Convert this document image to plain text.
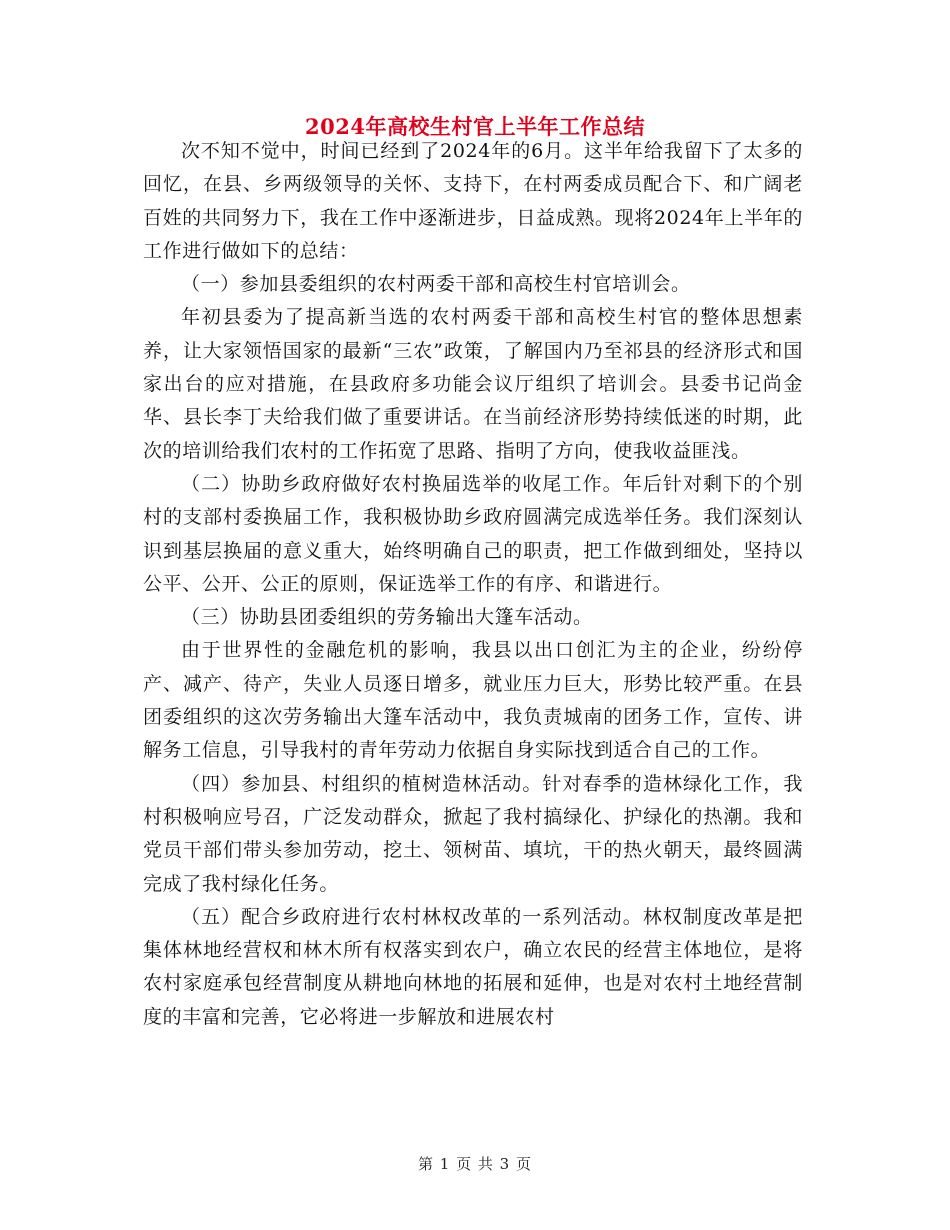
2024年高校生村官上半年工作总结

次不知不觉中，时间已经到了2024年的6月。这半年给我留下了太多的回忆，在县、乡两级领导的关怀、支持下，在村两委成员配合下、和广阔老百姓的共同努力下，我在工作中逐渐进步，日益成熟。现将2024年上半年的工作进行做如下的总结：

（一）参加县委组织的农村两委干部和高校生村官培训会。

年初县委为了提高新当选的农村两委干部和高校生村官的整体思想素养，让大家领悟国家的最新“三农”政策，了解国内乃至祁县的经济形式和国家出台的应对措施，在县政府多功能会议厅组织了培训会。县委书记尚金华、县长李丁夫给我们做了重要讲话。在当前经济形势持续低迷的时期，此次的培训给我们农村的工作拓宽了思路、指明了方向，使我收益匪浅。

（二）协助乡政府做好农村换届选举的收尾工作。年后针对剩下的个别村的支部村委换届工作，我积极协助乡政府圆满完成选举任务。我们深刻认识到基层换届的意义重大，始终明确自己的职责，把工作做到细处，坚持以公平、公开、公正的原则，保证选举工作的有序、和谐进行。

（三）协助县团委组织的劳务输出大篷车活动。

由于世界性的金融危机的影响，我县以出口创汇为主的企业，纷纷停产、减产、待产，失业人员逐日增多，就业压力巨大，形势比较严重。在县团委组织的这次劳务输出大篷车活动中，我负责城南的团务工作，宣传、讲解务工信息，引导我村的青年劳动力依据自身实际找到适合自己的工作。

（四）参加县、村组织的植树造林活动。针对春季的造林绿化工作，我村积极响应号召，广泛发动群众，掀起了我村搞绿化、护绿化的热潮。我和党员干部们带头参加劳动，挖土、领树苗、填坑，干的热火朝天，最终圆满完成了我村绿化任务。

（五）配合乡政府进行农村林权改革的一系列活动。林权制度改革是把集体林地经营权和林木所有权落实到农户，确立农民的经营主体地位，是将农村家庭承包经营制度从耕地向林地的拓展和延伸，也是对农村土地经营制度的丰富和完善，它必将进一步解放和进展农村

第 1 页 共 3 页
